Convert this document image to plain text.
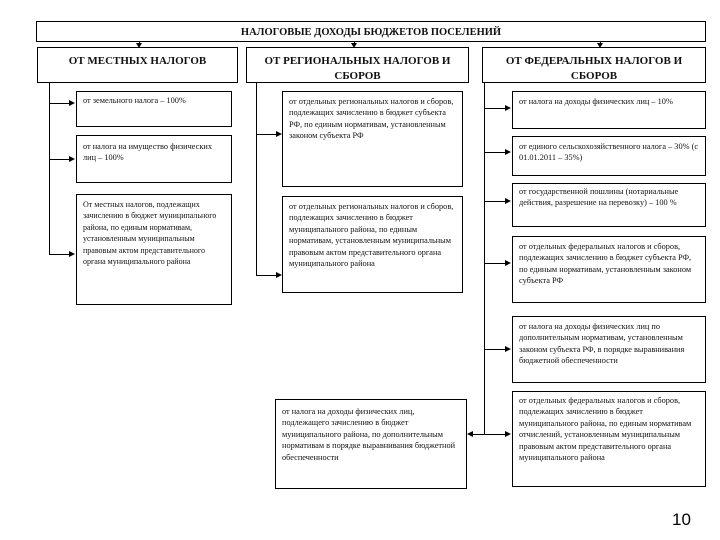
НАЛОГОВЫЕ ДОХОДЫ БЮДЖЕТОВ ПОСЕЛЕНИЙ
ОТ МЕСТНЫХ НАЛОГОВ	ОТ РЕГИОНАЛЬНЫХ НАЛОГОВ И СБОРОВ
ОТ ФЕДЕРАЛЬНЫХ НАЛОГОВ И СБОРОВ
от земельного налога – 100%
от налога на имущество физических лиц – 100%
От местных налогов, подлежащих зачислению в бюджет муниципального района, по единым нормативам, установленным муниципальным правовым актом представительного органа муниципального района
от отдельных региональных налогов и сборов, подлежащих зачислению в бюджет субъекта РФ, по единым нормативам, установленным законом субъекта РФ
от отдельных региональных налогов и сборов, подлежащих зачислению в бюджет муниципального района, по единым нормативам, установленным муниципальным правовым актом представительного органа муниципального района
от налога на доходы физических лиц, подлежащего зачислению в бюджет муниципального района, по дополнительным нормативам в порядке выравнивания бюджетной обеспеченности
от налога на доходы физических лиц – 10%
от единого сельскохозяйственного налога – 30% (с 01.01.2011 – 35%)
от государственной пошлины (нотариальные действия, разрешение на перевозку) – 100 %
от отдельных федеральных налогов и сборов, подлежащих зачислению в бюджет субъекта РФ, по единым нормативам, установленным законом субъекта РФ
от налога на доходы физических лиц по дополнительным нормативам, установленным законом субъекта РФ, в порядке выравнивания бюджетной обеспеченности
от отдельных федеральных налогов и сборов, подлежащих зачислению в бюджет муниципального района, по единым нормативам отчислений, установленным муниципальным правовым актом представительного органа муниципального района
10
